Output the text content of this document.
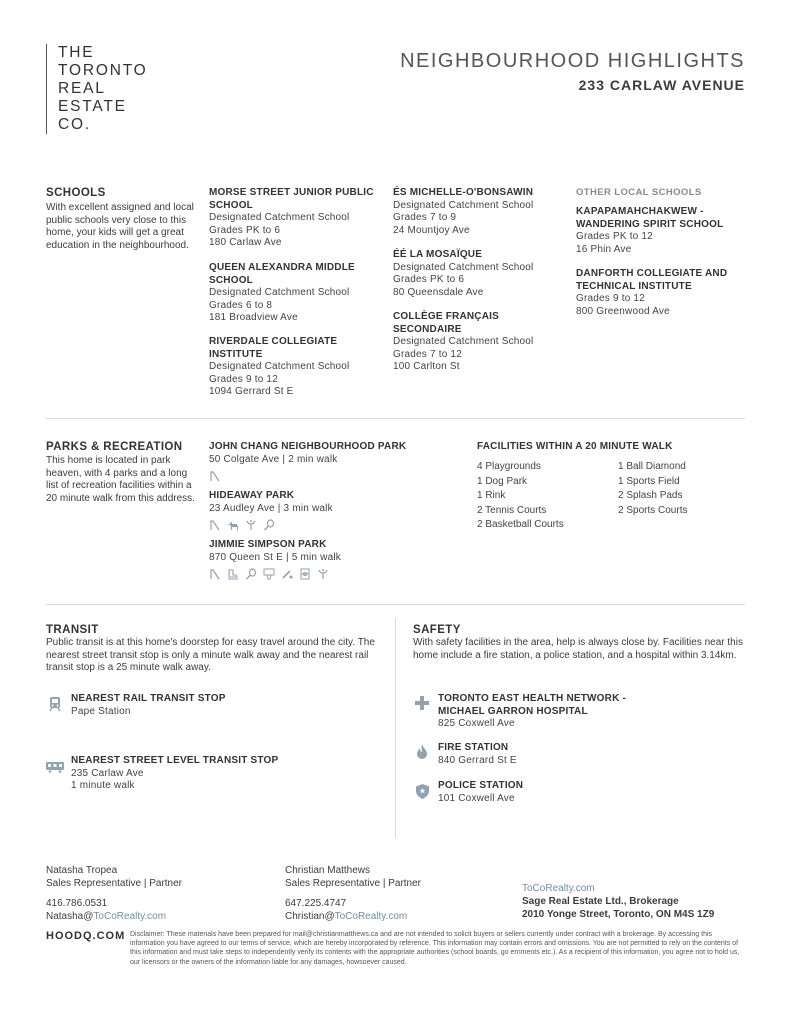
THE
TORONTO
REAL
ESTATE
CO.
NEIGHBOURHOOD HIGHLIGHTS
233 CARLAW AVENUE
SCHOOLS
With excellent assigned and local public schools very close to this home, your kids will get a great education in the neighbourhood.
MORSE STREET JUNIOR PUBLIC SCHOOL
Designated Catchment School
Grades PK to 6
180 Carlaw Ave
QUEEN ALEXANDRA MIDDLE SCHOOL
Designated Catchment School
Grades 6 to 8
181 Broadview Ave
RIVERDALE COLLEGIATE INSTITUTE
Designated Catchment School
Grades 9 to 12
1094 Gerrard St E
ÉS MICHELLE-O'BONSAWIN
Designated Catchment School
Grades 7 to 9
24 Mountjoy Ave
ÉÉ LA MOSAÏQUE
Designated Catchment School
Grades PK to 6
80 Queensdale Ave
COLLÈGE FRANÇAIS SECONDAIRE
Designated Catchment School
Grades 7 to 12
100 Carlton St
OTHER LOCAL SCHOOLS
KAPAPAMAHCHAKWEW - WANDERING SPIRIT SCHOOL
Grades PK to 12
16 Phin Ave
DANFORTH COLLEGIATE AND TECHNICAL INSTITUTE
Grades 9 to 12
800 Greenwood Ave
PARKS & RECREATION
This home is located in park heaven, with 4 parks and a long list of recreation facilities within a 20 minute walk from this address.
JOHN CHANG NEIGHBOURHOOD PARK
50 Colgate Ave | 2 min walk
HIDEAWAY PARK
23 Audley Ave | 3 min walk
JIMMIE SIMPSON PARK
870 Queen St E | 5 min walk
FACILITIES WITHIN A 20 MINUTE WALK
4 Playgrounds
1 Dog Park
1 Rink
2 Tennis Courts
2 Basketball Courts
1 Ball Diamond
1 Sports Field
2 Splash Pads
2 Sports Courts
TRANSIT
Public transit is at this home's doorstep for easy travel around the city. The nearest street transit stop is only a minute walk away and the nearest rail transit stop is a 25 minute walk away.
NEAREST RAIL TRANSIT STOP
Pape Station
NEAREST STREET LEVEL TRANSIT STOP
235 Carlaw Ave
1 minute walk
SAFETY
With safety facilities in the area, help is always close by. Facilities near this home include a fire station, a police station, and a hospital within 3.14km.
TORONTO EAST HEALTH NETWORK - MICHAEL GARRON HOSPITAL
825 Coxwell Ave
FIRE STATION
840 Gerrard St E
POLICE STATION
101 Coxwell Ave
Natasha Tropea
Sales Representative | Partner
416.786.0531
Natasha@ToCoRealty.com
Christian Matthews
Sales Representative | Partner
647.225.4747
Christian@ToCoRealty.com
ToCoRealty.com
Sage Real Estate Ltd., Brokerage
2010 Yonge Street, Toronto, ON M4S 1Z9
HOODQ.COM Disclaimer: These materials have been prepared for mail@christianmatthews.ca and are not intended to solicit buyers or sellers currently under contract with a brokerage. By accessing this information you have agreed to our terms of service, which are hereby incorporated by reference. This information may contain errors and omissions. You are not permitted to rely on the contents of this information and must take steps to independently verify its contents with the appropriate authorities (school boards, go ernments etc.). As a recipient of this information, you agree not to hold us, our licensors or the owners of the information liable for any damages, howsoever caused.
